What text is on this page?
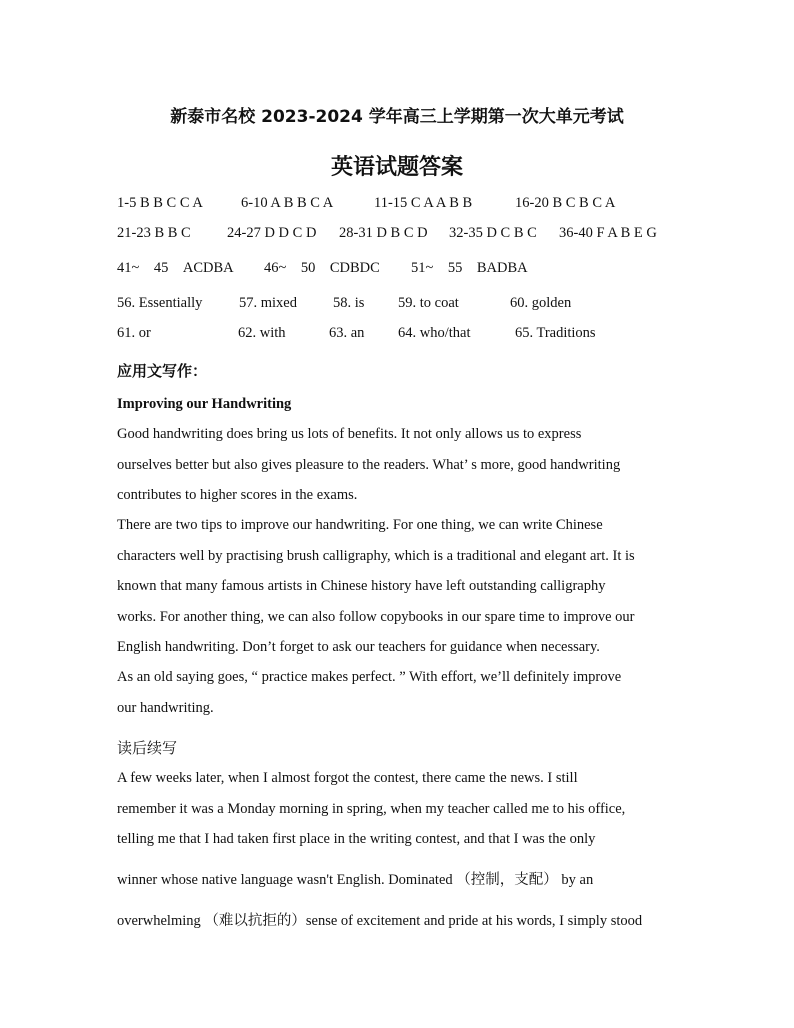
新泰市名校 2023-2024 学年高三上学期第一次大单元考试
英语试题答案
1-5 B B C C A	6-10 A B B C A	11-15 C A A B B	16-20 B C B C A
21-23 B B C	24-27 D D C D 28-31 D B C D 32-35 D C B C 36-40 F A B E G
41~　45　ACDBA 46~　50　CDBDC 51~　55　BADBA
56. Essentially	57. mixed 58. is 59. to coat	60. golden
61. or	62. with	63. an 64. who/that	65. Traditions
应用文写作：
Improving our Handwriting
Good handwriting does bring us lots of benefits. It not only allows us to express
ourselves better but also gives pleasure to the readers. What’ s more, good handwriting
contributes to higher scores in the exams.
There are two tips to improve our handwriting. For one thing, we can write Chinese
characters well by practising brush calligraphy, which is a traditional and elegant art. It is
known that many famous artists in Chinese history have left outstanding calligraphy
works. For another thing, we can also follow copybooks in our spare time to improve our
English handwriting. Don’t forget to ask our teachers for guidance when necessary.
As an old saying goes, “ practice makes perfect. ” With effort, we’ll definitely improve
our handwriting.
读后续写
A few weeks later, when I almost forgot the contest, there came the news. I still
remember it was a Monday morning in spring, when my teacher called me to his office,
telling me that I had taken first place in the writing contest, and that I was the only
winner whose native language wasn't English. Dominated （控制，支配） by an
overwhelming （难以抗拒的）sense of excitement and pride at his words, I simply stood
